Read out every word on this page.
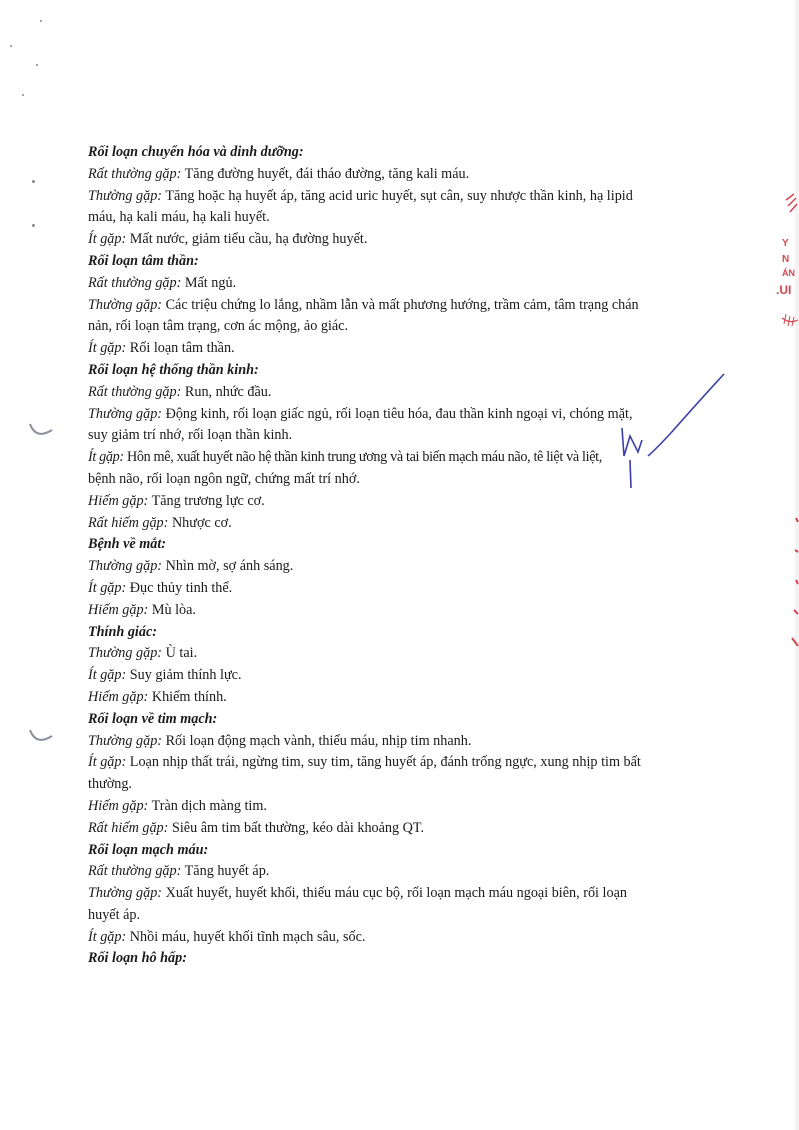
Y
N
ÁN
.UI
Rối loạn chuyển hóa và dinh dưỡng:
Rất thường gặp: Tăng đường huyết, đái tháo đường, tăng kali máu.
Thường gặp: Tăng hoặc hạ huyết áp, tăng acid uric huyết, sụt cân, suy nhược thần kinh, hạ lipid
máu, hạ kali máu, hạ kali huyết.
Ít gặp: Mất nước, giảm tiểu cầu, hạ đường huyết.
Rối loạn tâm thần:
Rất thường gặp: Mất ngủ.
Thường gặp: Các triệu chứng lo lắng, nhầm lẫn và mất phương hướng, trầm cảm, tâm trạng chán
nản, rối loạn tâm trạng, cơn ác mộng, ảo giác.
Ít gặp: Rối loạn tâm thần.
Rối loạn hệ thống thần kinh:
Rất thường gặp: Run, nhức đầu.
Thường gặp: Động kinh, rối loạn giấc ngủ, rối loạn tiêu hóa, đau thần kinh ngoại vi, chóng mặt,
suy giảm trí nhớ, rối loạn thần kinh.
Ít gặp: Hôn mê, xuất huyết não hệ thần kinh trung ương và tai biến mạch máu não, tê liệt và liệt,
bệnh não, rối loạn ngôn ngữ, chứng mất trí nhớ.
Hiếm gặp: Tăng trương lực cơ.
Rất hiếm gặp: Nhược cơ.
Bệnh về mắt:
Thường gặp: Nhìn mờ, sợ ánh sáng.
Ít gặp: Đục thủy tinh thể.
Hiếm gặp: Mù lòa.
Thính giác:
Thường gặp: Ù tai.
Ít gặp: Suy giảm thính lực.
Hiếm gặp: Khiếm thính.
Rối loạn về tim mạch:
Thường gặp: Rối loạn động mạch vành, thiếu máu, nhịp tim nhanh.
Ít gặp: Loạn nhịp thất trái, ngừng tim, suy tim, tăng huyết áp, đánh trống ngực, xung nhịp tim bất
thường.
Hiếm gặp: Tràn dịch màng tim.
Rất hiếm gặp: Siêu âm tim bất thường, kéo dài khoảng QT.
Rối loạn mạch máu:
Rất thường gặp: Tăng huyết áp.
Thường gặp: Xuất huyết, huyết khối, thiếu máu cục bộ, rối loạn mạch máu ngoại biên, rối loạn
huyết áp.
Ít gặp: Nhồi máu, huyết khối tĩnh mạch sâu, sốc.
Rối loạn hô hấp:
